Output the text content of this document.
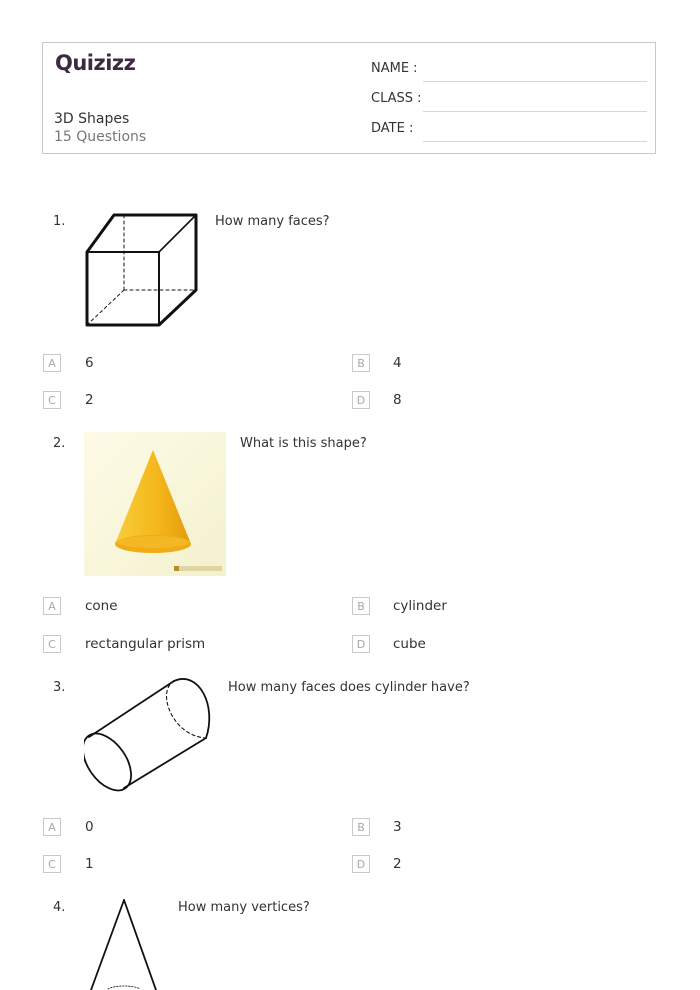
Quizizz
3D Shapes
15 Questions
NAME :
CLASS :
DATE :
1.	How many faces?
A	6	B	4
C	2	D	8
2.	What is this shape?
A	cone	B	cylinder
C	rectangular prism	D	cube
3.	How many faces does cylinder have?
A	0	B	3
C	1	D	2
4.	How many vertices?
